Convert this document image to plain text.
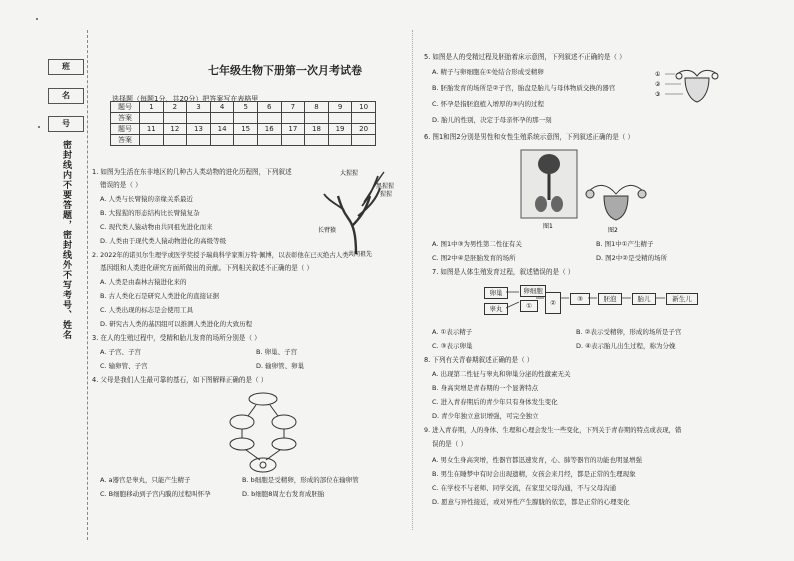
班
名
号
密封线内不要答题，密封线外不写考号、姓名
七年级生物下册第一次月考试卷
选择题（每题1分，共20分）把答案写在表格里
题号	1	2	3	4	5	6	7	8	9	10
答案										
题号	11	12	13	14	15	16	17	18	19	20
答案										
1. 如图为生活在东非地区的几种古人类动物的进化历程图，下列叙述
错误的是（ ）
A. 人类与长臂猿的亲缘关系最近
B. 大猩猩的形态结构比长臂猿复杂
C. 现代类人猿动物由共同祖先进化而来
D. 人类由于现代类人猿动物进化的高级等级
大猩猩
黑猩猩
猩猩
长臂猿
共同祖先
2. 2022年的诺贝尔生理学或医学奖授予瑞典科学家斯万特·佩博，以表彰他在已灭绝古人类
基因组和人类进化研究方面所做出的贡献。下列相关叙述不正确的是（ ）
A. 人类是由森林古猿进化来的
B. 古人类化石是研究人类进化的直接证据
C. 人类出现的标志是会使用工具
D. 研究古人类的基因组可以推测人类进化的大致历程
3. 在人的生殖过程中，受精和胎儿发育的场所分别是（ ）
A. 子宫、子宫	B. 卵巢、子宫
C. 输卵管、子宫	D. 输卵管、卵巢
4. 父母是我们人生最可靠的基石，如下图解释正确的是（ ）
A. a器官是睾丸，只能产生精子	B. b细胞是受精卵，形成的部位在输卵管
C. B细胞移动到子宫内膜的过程叫怀孕	D. b细胞8周左右发育成胚胎
5. 如图是人的受精过程及胚胎着床示意图，下列叙述不正确的是（ ）
A. 精子与卵细胞在①处结合形成受精卵
B. 胚胎发育的场所是②子宫，胎盘是胎儿与母体物质交换的器官
C. 怀孕是指胚泡植入增厚的③内的过程
D. 胎儿的性别，决定于母亲怀孕的那一刻
①
②
③
6. 图1和图2分别是男性和女性生殖系统示意图，下列叙述正确的是（ ）
图1
图2
A. 图1中③为男性第二性征有关	B. 图1中①产生精子
C. 图2中④是胚胎发育的场所	D. 图2中②是受精的场所
7. 如图是人体生殖发育过程，叙述错误的是（ ）
卵巢
睾丸	①
卵细胞
②	③	胚泡	胎儿	新生儿
A. ①表示精子	B. ②表示受精卵，形成的场所是子宫
C. ③表示卵巢	D. ④表示胎儿出生过程，称为分娩
8. 下列有关青春期叙述正确的是（ ）
A. 出现第二性征与睾丸和卵巢分泌的性激素无关
B. 身高突增是青春期的一个显著特点
C. 进入青春期后的青少年只有身体发生变化
D. 青少年独立意识增强，可完全独立
9. 进入青春期，人的身体、生理和心理会发生一些变化，下列关于青春期的特点或表现，错
误的是（ ）
A. 男女生身高突增，性器官都迅速发育，心、肺等器官的功能也明显增强
B. 男生在睡梦中有时会出现遗精，女孩会来月经，都是正常的生理现象
C. 在学校不与老师、同学交流，在家里父母沟通，不与父母沟通
D. 愿意与异性接近，或对异性产生朦胧的依恋，都是正常的心理变化
